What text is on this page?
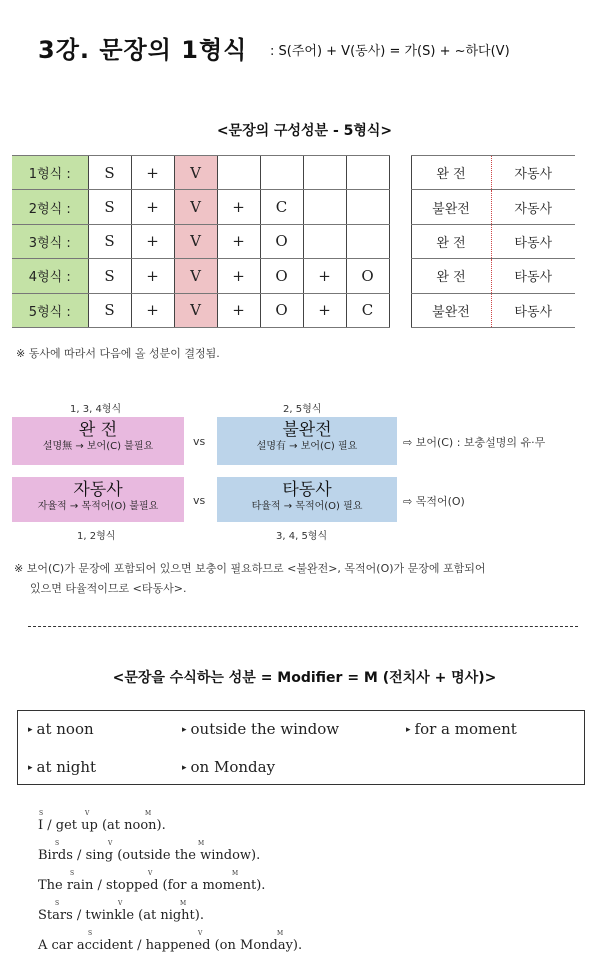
3강. 문장의 1형식 : S(주어) + V(동사) = 가(S) + ~하다(V)
<문장의 구성성분 - 5형식>
1형식 :	S	+	V						완 전	자동사
2형식 :	S	+	V	+	C				불완전	자동사
3형식 :	S	+	V	+	O				완 전	타동사
4형식 :	S	+	V	+	O	+	O		완 전	타동사
5형식 :	S	+	V	+	O	+	C		불완전	타동사
※ 동사에 따라서 다음에 올 성분이 결정됨.
1, 3, 4형식	2, 5형식
완 전
설명無 → 보어(C) 불필요	vs
불완전
설명有 → 보어(C) 필요	⇨ 보어(C) : 보충설명의 유·무
자동사
자율적 → 목적어(O) 불필요	vs
타동사
타율적 → 목적어(O) 필요	⇨ 목적어(O)
1, 2형식	3, 4, 5형식
※ 보어(C)가 문장에 포함되어 있으면 보충이 필요하므로 <불완전>, 목적어(O)가 문장에 포함되어
있으면 타율적이므로 <타동사>.
<문장을 수식하는 성분 = Modifier = M (전치사 + 명사)>
▸ at noon	▸ outside the window	▸ for a moment
▸ at night	▸ on Monday
S	V	M
I / get up (at noon).
S	V	M
Birds / sing (outside the window).
S	V	M
The rain / stopped (for a moment).
S	V	M
Stars / twinkle (at night).
S	V	M
A car accident / happened (on Monday).
